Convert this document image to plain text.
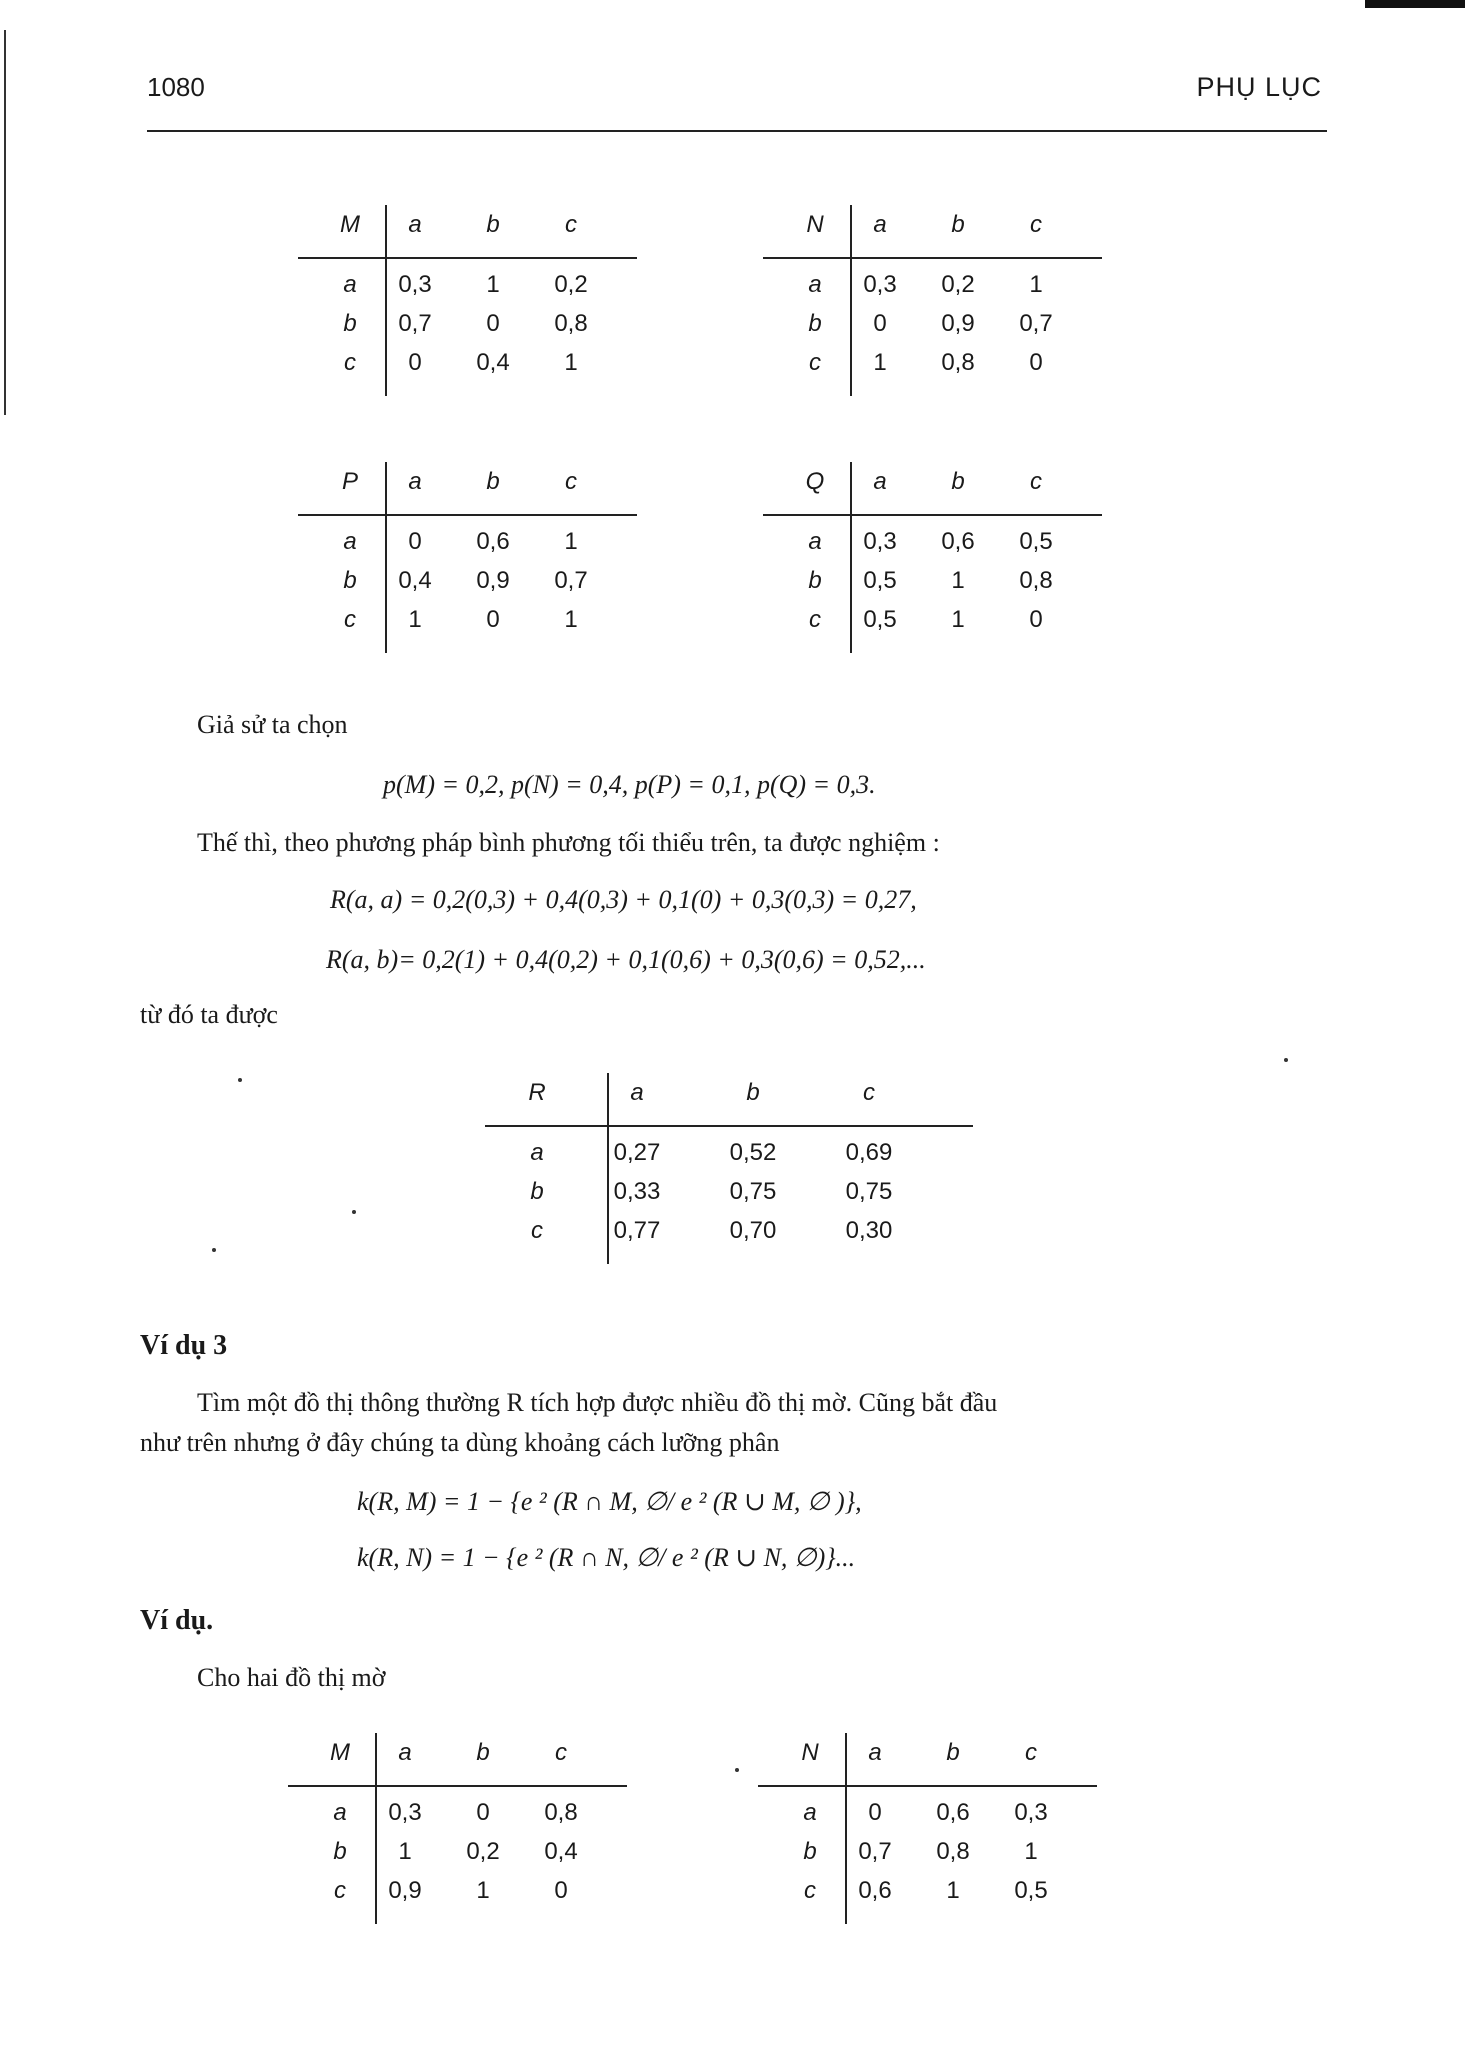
1080	PHỤ LỤC
M	a	b	c
a	0,3	1	0,2
b	0,7	0	0,8
c	0	0,4	1
N	a	b	c
a	0,3	0,2	1
b	0	0,9	0,7
c	1	0,8	0
P	a	b	c
a	0	0,6	1
b	0,4	0,9	0,7
c	1	0	1
Q	a	b	c
a	0,3	0,6	0,5
b	0,5	1	0,8
c	0,5	1	0
Giả sử ta chọn
p(M) = 0,2, p(N) = 0,4, p(P) = 0,1, p(Q) = 0,3.
Thế thì, theo phương pháp bình phương tối thiểu trên, ta được nghiệm :
R(a, a) = 0,2(0,3) + 0,4(0,3) + 0,1(0) + 0,3(0,3) = 0,27,
R(a, b)= 0,2(1) + 0,4(0,2) + 0,1(0,6) + 0,3(0,6) = 0,52,...
từ đó ta được
R	a	b	c
a	0,27	0,52	0,69
b	0,33	0,75	0,75
c	0,77	0,70	0,30
Ví dụ 3
Tìm một đồ thị thông thường R tích hợp được nhiều đồ thị mờ. Cũng bắt đầu
như trên nhưng ở đây chúng ta dùng khoảng cách lưỡng phân
k(R, M) = 1 − {e ² (R ∩ M, ∅/ e ² (R ∪ M, ∅ )},
k(R, N) = 1 − {e ² (R ∩ N, ∅/ e ² (R ∪ N, ∅)}...
Ví dụ.
Cho hai đồ thị mờ
M	a	b	c
a	0,3	0	0,8
b	1	0,2	0,4
c	0,9	1	0
N	a	b	c
a	0	0,6	0,3
b	0,7	0,8	1
c	0,6	1	0,5
